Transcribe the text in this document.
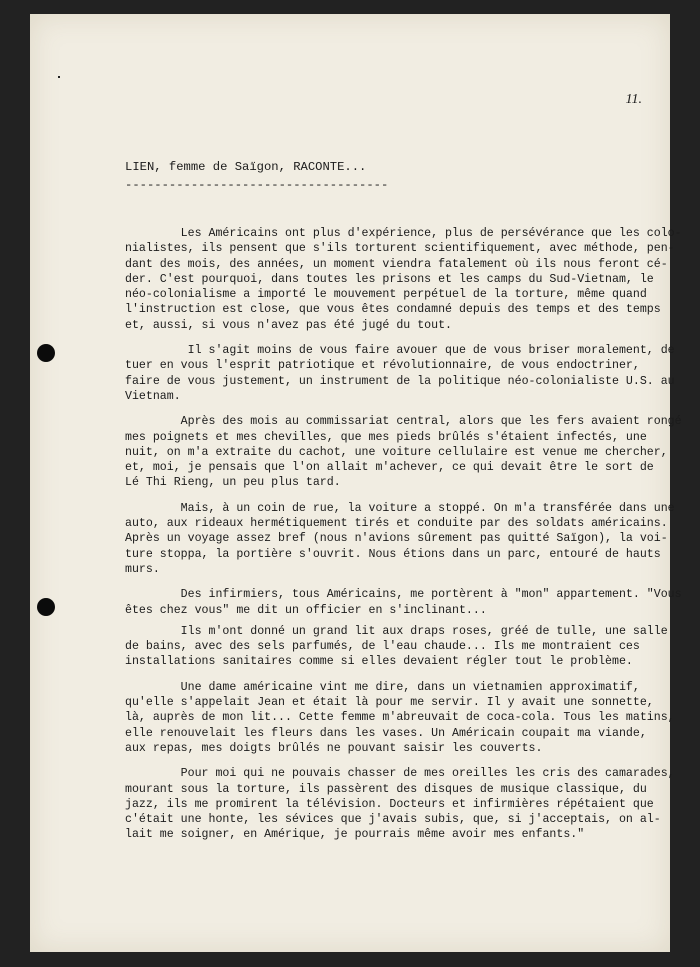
11.
LIEN, femme de Saïgon, RACONTE...
------------------------------------

Les Américains ont plus d'expérience, plus de persévérance que les colo-
nialistes, ils pensent que s'ils torturent scientifiquement, avec méthode, pen-
dant des mois, des années, un moment viendra fatalement où ils nous feront cé-
der. C'est pourquoi, dans toutes les prisons et les camps du Sud-Vietnam, le
néo-colonialisme a importé le mouvement perpétuel de la torture, même quand
l'instruction est close, que vous êtes condamné depuis des temps et des temps
et, aussi, si vous n'avez pas été jugé du tout.

Il s'agit moins de vous faire avouer que de vous briser moralement, de
tuer en vous l'esprit patriotique et révolutionnaire, de vous endoctriner,
faire de vous justement, un instrument de la politique néo-colonialiste U.S. au
Vietnam.

Après des mois au commissariat central, alors que les fers avaient rongé
mes poignets et mes chevilles, que mes pieds brûlés s'étaient infectés, une
nuit, on m'a extraite du cachot, une voiture cellulaire est venue me chercher,
et, moi, je pensais que l'on allait m'achever, ce qui devait être le sort de
Lé Thi Rieng, un peu plus tard.

Mais, à un coin de rue, la voiture a stoppé. On m'a transférée dans une
auto, aux rideaux hermétiquement tirés et conduite par des soldats américains.
Après un voyage assez bref (nous n'avions sûrement pas quitté Saïgon), la voi-
ture stoppa, la portière s'ouvrit. Nous étions dans un parc, entouré de hauts
murs.

Des infirmiers, tous Américains, me portèrent à "mon" appartement. "Vous
êtes chez vous" me dit un officier en s'inclinant...

Ils m'ont donné un grand lit aux draps roses, gréé de tulle, une salle
de bains, avec des sels parfumés, de l'eau chaude... Ils me montraient ces
installations sanitaires comme si elles devaient régler tout le problème.

Une dame américaine vint me dire, dans un vietnamien approximatif,
qu'elle s'appelait Jean et était là pour me servir. Il y avait une sonnette,
là, auprès de mon lit... Cette femme m'abreuvait de coca-cola. Tous les matins,
elle renouvelait les fleurs dans les vases. Un Américain coupait ma viande,
aux repas, mes doigts brûlés ne pouvant saisir les couverts.

Pour moi qui ne pouvais chasser de mes oreilles les cris des camarades,
mourant sous la torture, ils passèrent des disques de musique classique, du
jazz, ils me promirent la télévision. Docteurs et infirmières répétaient que
c'était une honte, les sévices que j'avais subis, que, si j'acceptais, on al-
lait me soigner, en Amérique, je pourrais même avoir mes enfants."
